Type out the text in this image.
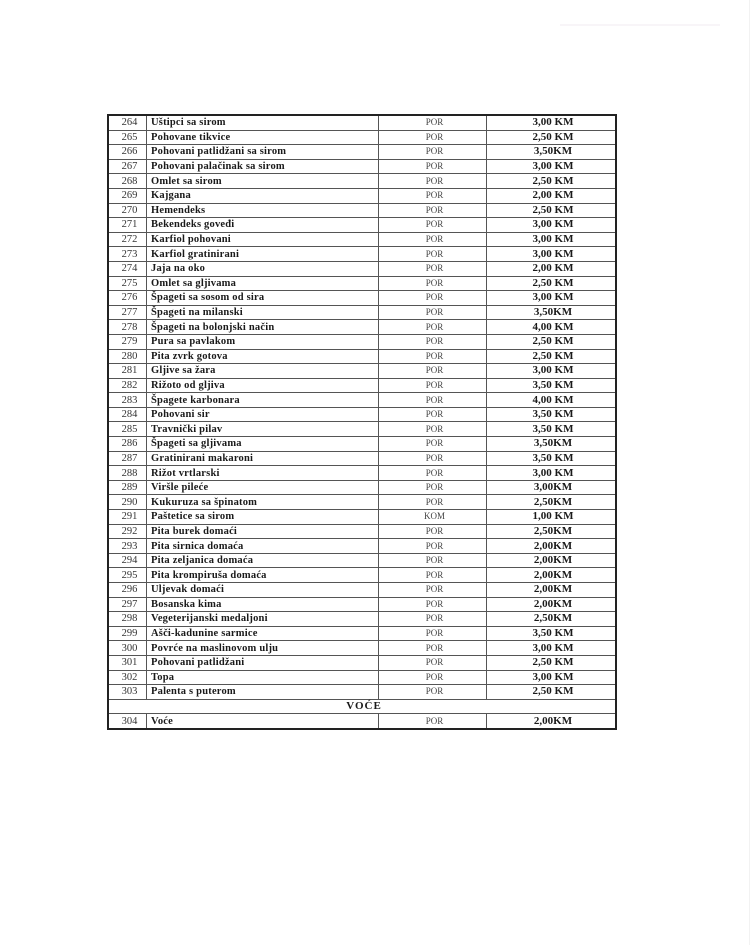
264	Uštipci sa sirom	POR	3,00 KM
265	Pohovane tikvice	POR	2,50 KM
266	Pohovani patlidžani sa sirom	POR	3,50KM
267	Pohovani palačinak sa sirom	POR	3,00 KM
268	Omlet sa sirom	POR	2,50 KM
269	Kajgana	POR	2,00 KM
270	Hemendeks	POR	2,50 KM
271	Bekendeks goveđi	POR	3,00 KM
272	Karfiol pohovani	POR	3,00 KM
273	Karfiol gratinirani	POR	3,00 KM
274	Jaja na oko	POR	2,00 KM
275	Omlet sa gljivama	POR	2,50 KM
276	Špageti sa sosom od sira	POR	3,00 KM
277	Špageti na milanski	POR	3,50KM
278	Špageti na bolonjski način	POR	4,00 KM
279	Pura sa pavlakom	POR	2,50 KM
280	Pita zvrk gotova	POR	2,50 KM
281	Gljive sa žara	POR	3,00 KM
282	Rižoto od gljiva	POR	3,50 KM
283	Špagete karbonara	POR	4,00 KM
284	Pohovani sir	POR	3,50 KM
285	Travnički pilav	POR	3,50 KM
286	Špageti sa gljivama	POR	3,50KM
287	Gratinirani makaroni	POR	3,50 KM
288	Rižot vrtlarski	POR	3,00 KM
289	Viršle pileće	POR	3,00KM
290	Kukuruza sa špinatom	POR	2,50KM
291	Paštetice sa sirom	KOM	1,00 KM
292	Pita burek domaći	POR	2,50KM
293	Pita sirnica domaća	POR	2,00KM
294	Pita zeljanica domaća	POR	2,00KM
295	Pita krompiruša domaća	POR	2,00KM
296	Uljevak domaći	POR	2,00KM
297	Bosanska kima	POR	2,00KM
298	Vegeterijanski medaljoni	POR	2,50KM
299	Ašči-kadunine sarmice	POR	3,50 KM
300	Povrće na maslinovom ulju	POR	3,00 KM
301	Pohovani patlidžani	POR	2,50 KM
302	Topa	POR	3,00 KM
303	Palenta s puterom	POR	2,50 KM
VOĆE			
304	Voće	POR	2,00KM
